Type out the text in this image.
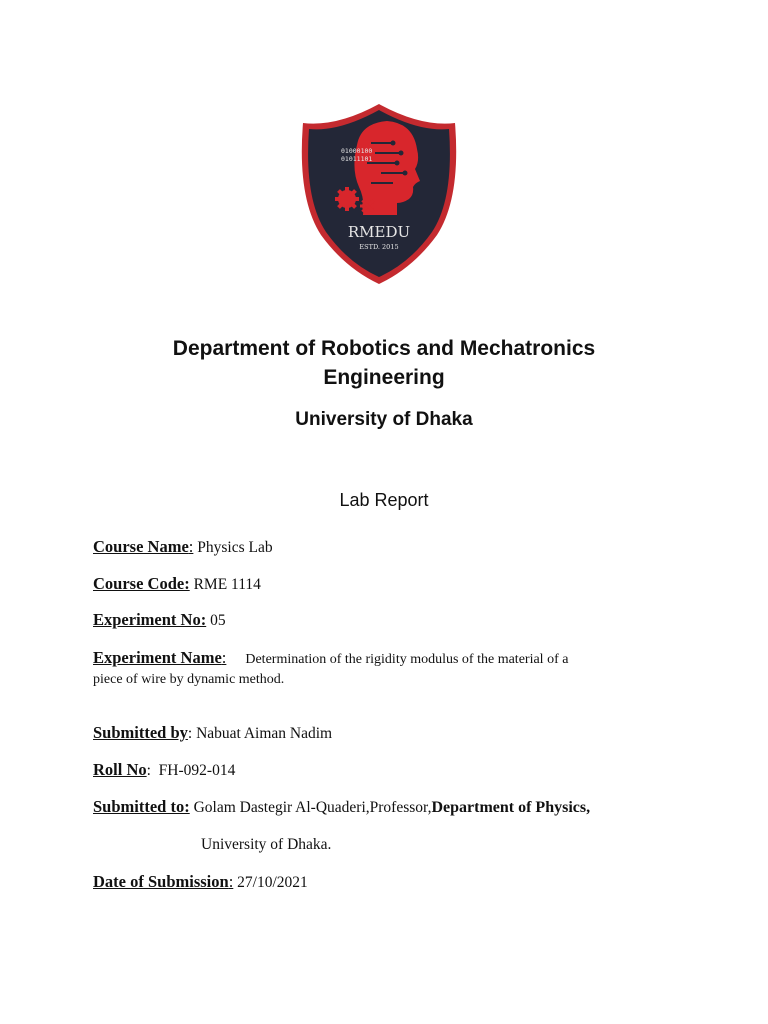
01000100
01011101
RMEDU
ESTD. 2015
Department of Robotics and Mechatronics
Engineering
University of Dhaka
Lab Report
Course Name: Physics Lab
Course Code: RME 1114
Experiment No: 05
Experiment Name: Determination of the rigidity modulus of the material of a
piece of wire by dynamic method.
Submitted by: Nabuat Aiman Nadim
Roll No:  FH-092-014
Submitted to: Golam Dastegir Al-Quaderi,Professor,Department of Physics,
University of Dhaka.
Date of Submission: 27/10/2021
